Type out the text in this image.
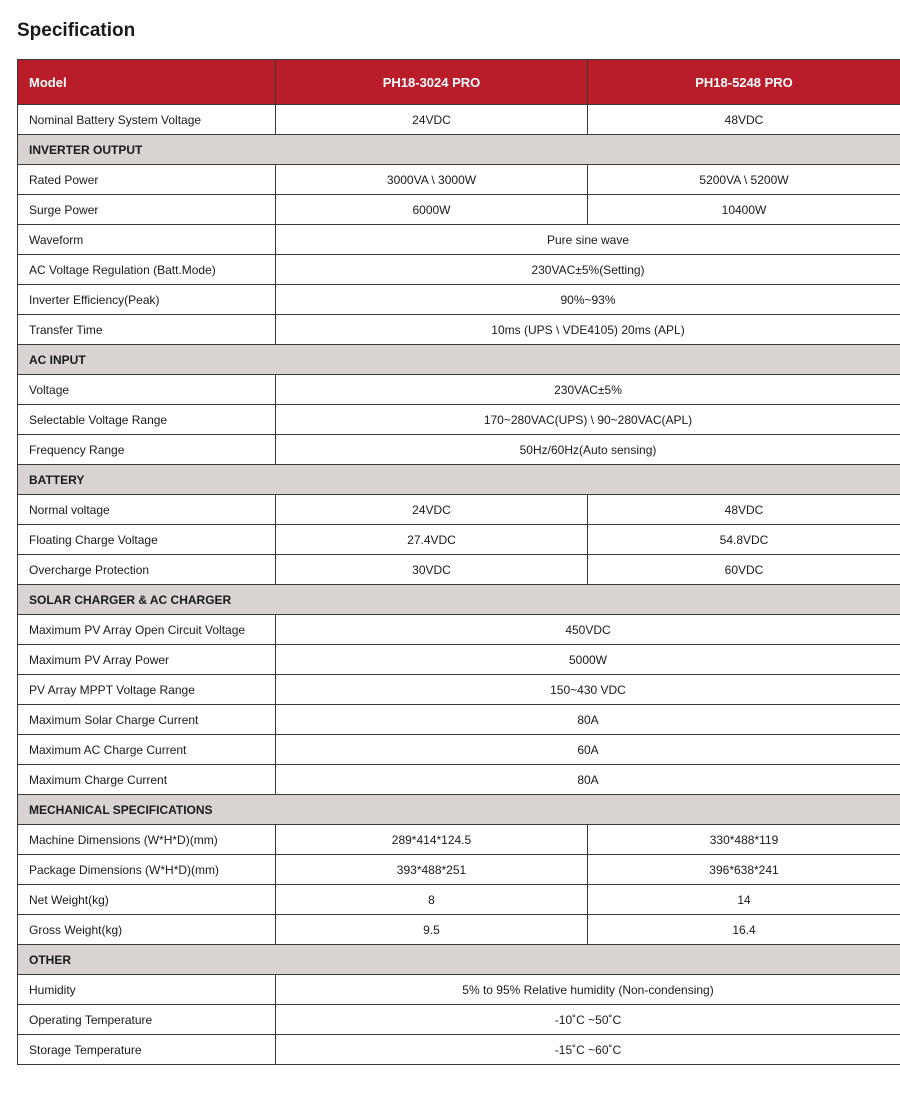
Specification
Model	PH18-3024 PRO	PH18-5248 PRO
Nominal Battery System Voltage	24VDC	48VDC
INVERTER OUTPUT		
Rated Power	3000VA \ 3000W	5200VA \ 5200W
Surge Power	6000W	10400W
Waveform	Pure sine wave	
AC Voltage Regulation (Batt.Mode)	230VAC±5%(Setting)	
Inverter Efficiency(Peak)	90%~93%	
Transfer Time	10ms (UPS \ VDE4105) 20ms (APL)	
AC INPUT		
Voltage	230VAC±5%	
Selectable Voltage Range	170~280VAC(UPS) \ 90~280VAC(APL)	
Frequency Range	50Hz/60Hz(Auto sensing)	
BATTERY		
Normal voltage	24VDC	48VDC
Floating Charge Voltage	27.4VDC	54.8VDC
Overcharge Protection	30VDC	60VDC
SOLAR CHARGER & AC CHARGER		
Maximum PV Array Open Circuit Voltage	450VDC	
Maximum PV Array Power	5000W	
PV Array MPPT Voltage Range	150~430 VDC	
Maximum Solar Charge Current	80A	
Maximum AC Charge Current	60A	
Maximum Charge Current	80A	
MECHANICAL SPECIFICATIONS		
Machine Dimensions (W*H*D)(mm)	289*414*124.5	330*488*119
Package Dimensions (W*H*D)(mm)	393*488*251	396*638*241
Net Weight(kg)	8	14
Gross Weight(kg)	9.5	16.4
OTHER		
Humidity	5% to 95% Relative humidity (Non-condensing)	
Operating Temperature	-10˚C ~50˚C	
Storage Temperature	-15˚C ~60˚C	
